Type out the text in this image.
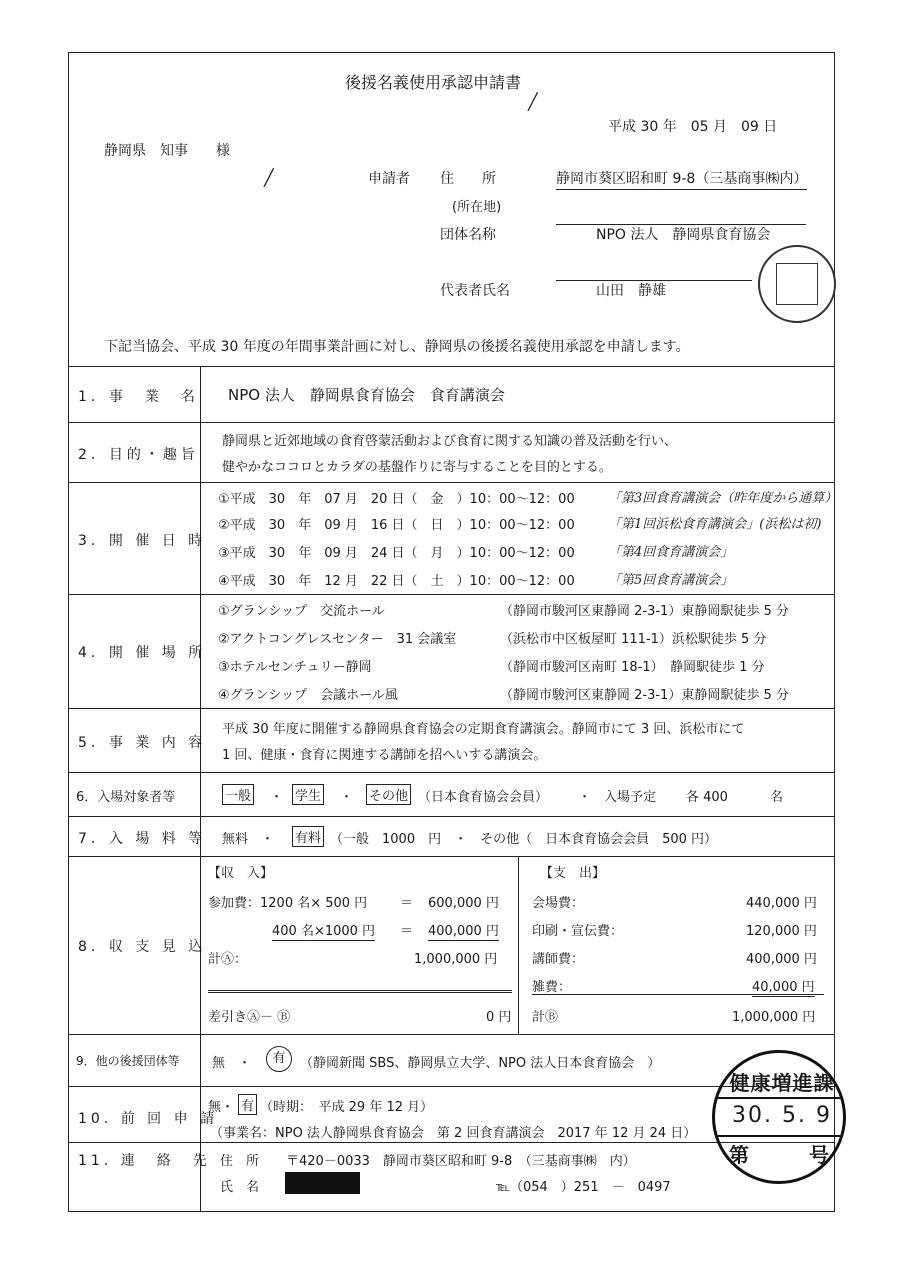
後援名義使用承認申請書
╱
平成 30 年　05 月　09 日
静岡県　知事　　様
╱	申請者 住　　所	静岡市葵区昭和町 9-8（三基商事㈱内）
(所在地)
団体名称	NPO 法人　静岡県食育協会
代表者氏名	山田　静雄
下記当協会、平成 30 年度の年間事業計画に対し、静岡県の後援名義使用承認を申請します。
1．事　業　名 NPO 法人　静岡県食育協会　食育講演会
2．目的・趣旨
静岡県と近郊地域の食育啓蒙活動および食育に関する知識の普及活動を行い、
健やかなココロとカラダの基盤作りに寄与することを目的とする。
3．開 催 日 時
①平成　30　年　07 月　20 日（　金　）10：00～12：00	「第3回食育講演会（昨年度から通算）
②平成　30　年　09 月　16 日（　日　）10：00～12：00	「第1回浜松食育講演会」(浜松は初)
③平成　30　年　09 月　24 日（　月　）10：00～12：00	「第4回食育講演会」
④平成　30　年　12 月　22 日（　土　）10：00～12：00	「第5回食育講演会」
4．開 催 場 所
①グランシップ　交流ホール	（静岡市駿河区東静岡 2-3-1）東静岡駅徒歩 5 分
②アクトコングレスセンター　31 会議室	（浜松市中区板屋町 111-1）浜松駅徒歩 5 分
③ホテルセンチュリー静岡	（静岡市駿河区南町 18-1）　静岡駅徒歩 1 分
④グランシップ　会議ホール風	（静岡市駿河区東静岡 2-3-1）東静岡駅徒歩 5 分
5．事 業 内 容
平成 30 年度に開催する静岡県食育協会の定期食育講演会。静岡市にて 3 回、浜松市にて
1 回、健康・食育に関連する講師を招へいする講演会。
6．入場対象者等	一般 ・ 学生 ・ その他 （日本食育協会会員） ・　入場予定 各 400	名
7．入 場 料 等 無料　・ 有料 （一般　1000　円　・　その他（　日本食育協会会員　500 円）
8．収 支 見 込
【収　入】
参加費：1200 名× 500 円	＝ 600,000 円
400 名×1000 円 ＝ 400,000 円
計Ⓐ：	1,000,000 円
差引きⒶ－ Ⓑ	0 円
【支　出】
会場費：	440,000 円
印刷・宣伝費：	120,000 円
講師費：	400,000 円
雑費：	40,000 円
計Ⓑ	1,000,000 円
9．他の後援団体等 無　・	有	（静岡新聞 SBS、静岡県立大学、NPO 法人日本食育協会　）
10. 前 回 申 請
無・ 有 （時期：　平成 29 年 12 月）
（事業名：NPO 法人静岡県食育協会　第 2 回食育講演会　2017 年 12 月 24 日）
11. 連　絡　先 住　所 〒420－0033　静岡市葵区昭和町 9-8　（三基商事㈱　内）
氏　名	℡（054　）251　－　0497
健康増進課
30. 5. 9
第　　　号
